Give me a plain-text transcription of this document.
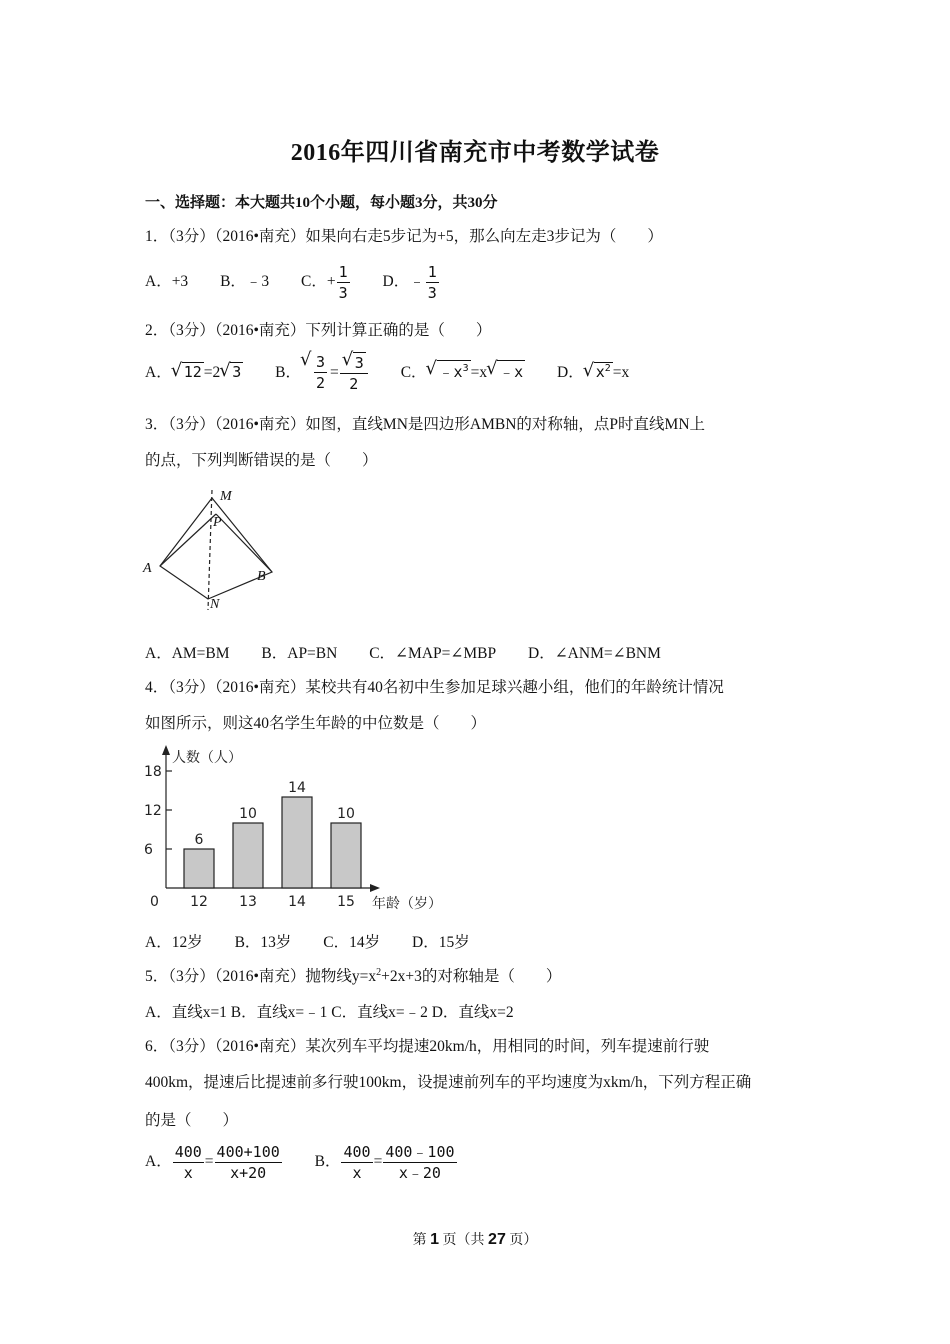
2016年四川省南充市中考数学试卷
一、选择题：本大题共10个小题，每小题3分，共30分
1．（3分）（2016•南充）如果向右走5步记为+5，那么向左走3步记为（　　）
A．+3 B．﹣3 C．+ $\frac{1}{3}$ D．﹣ $\frac{1}{3}$
2．（3分）（2016•南充）下列计算正确的是（　　）
A．√ 12 =2√ 3 B．
√ $\frac{3}{2}$ =
√ $\frac{3}{2}$ C．√ $﹣x^3 =x√$ ﹣x D．√ $x^2 =x$
3．（3分）（2016•南充）如图，直线MN是四边形AMBN的对称轴，点P时直线MN上
的点，下列判断错误的是（　　）
M
P
A
B
N
A．AM=BM B．AP=BN C．∠MAP=∠MBP D．∠ANM=∠BNM
4．（3分）（2016•南充）某校共有40名初中生参加足球兴趣小组，他们的年龄统计情况
如图所示，则这40名学生年龄的中位数是（　　）
人数（人）
年龄（岁）
0
6
12
18
6
12
10
13
14
14
10
15
A．12岁 B．13岁 C．14岁 D．15岁
5．（3分）（2016•南充）抛物线$y=x^2+2x+3$的对称轴是（　　）
A．直线x=1 B．直线x=﹣1 C．直线x=﹣2 D．直线x=2
6．（3分）（2016•南充）某次列车平均提速20km/h，用相同的时间，列车提速前行驶
400km，提速后比提速前多行驶100km，设提速前列车的平均速度为xkm/h，下列方程正确
的是（　　）
A． $\frac{400}{x} = \frac{400+100}{x+20}$ B． $\frac{400}{x} = \frac{400﹣100}{x﹣20}$
第 1 页（共 27 页）
